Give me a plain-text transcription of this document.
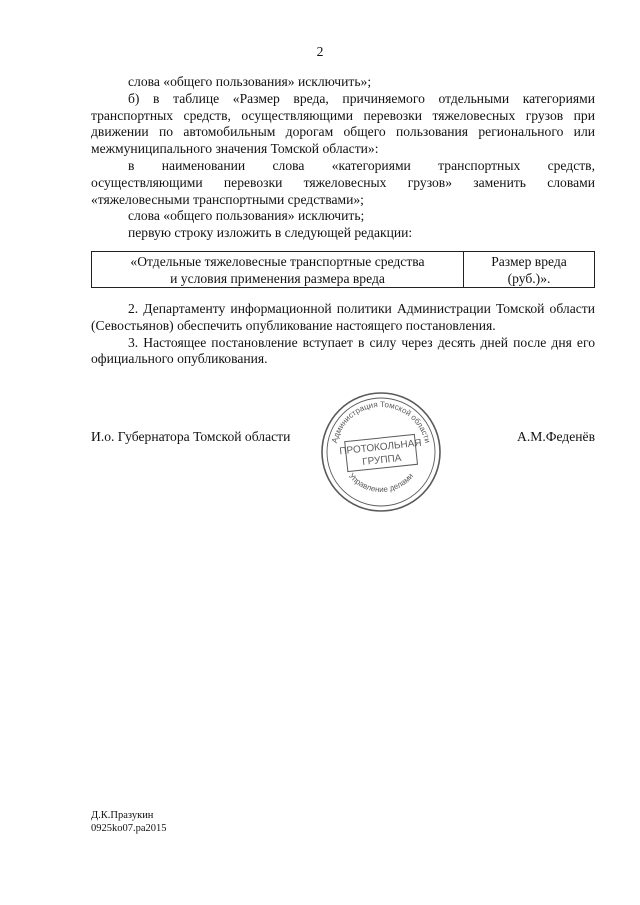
2

слова «общего пользования» исключить»;

б) в таблице «Размер вреда, причиняемого отдельными категориями транспортных средств, осуществляющими перевозки тяжеловесных грузов при движении по автомобильным дорогам общего пользования регионального или межмуниципального значения Томской области»:

в наименовании слова «категориями транспортных средств,

осуществляющими перевозки тяжеловесных грузов» заменить словами

«тяжеловесными транспортными средствами»;

слова «общего пользования» исключить;

первую строку изложить в следующей редакции:

«Отдельные тяжеловесные транспортные средства
и условия применения размера вреда
Размер вреда
(руб.)».

2. Департаменту информационной политики Администрации Томской области (Севостьянов) обеспечить опубликование настоящего постановления.

3. Настоящее постановление вступает в силу через десять дней после дня его официального опубликования.

Администрация Томской области
Управление делами
ПРОТОКОЛЬНАЯ
ГРУППА
И.о. Губернатора Томской области	А.М.Феденёв
Д.К.Празукин
0925ko07.pa2015
